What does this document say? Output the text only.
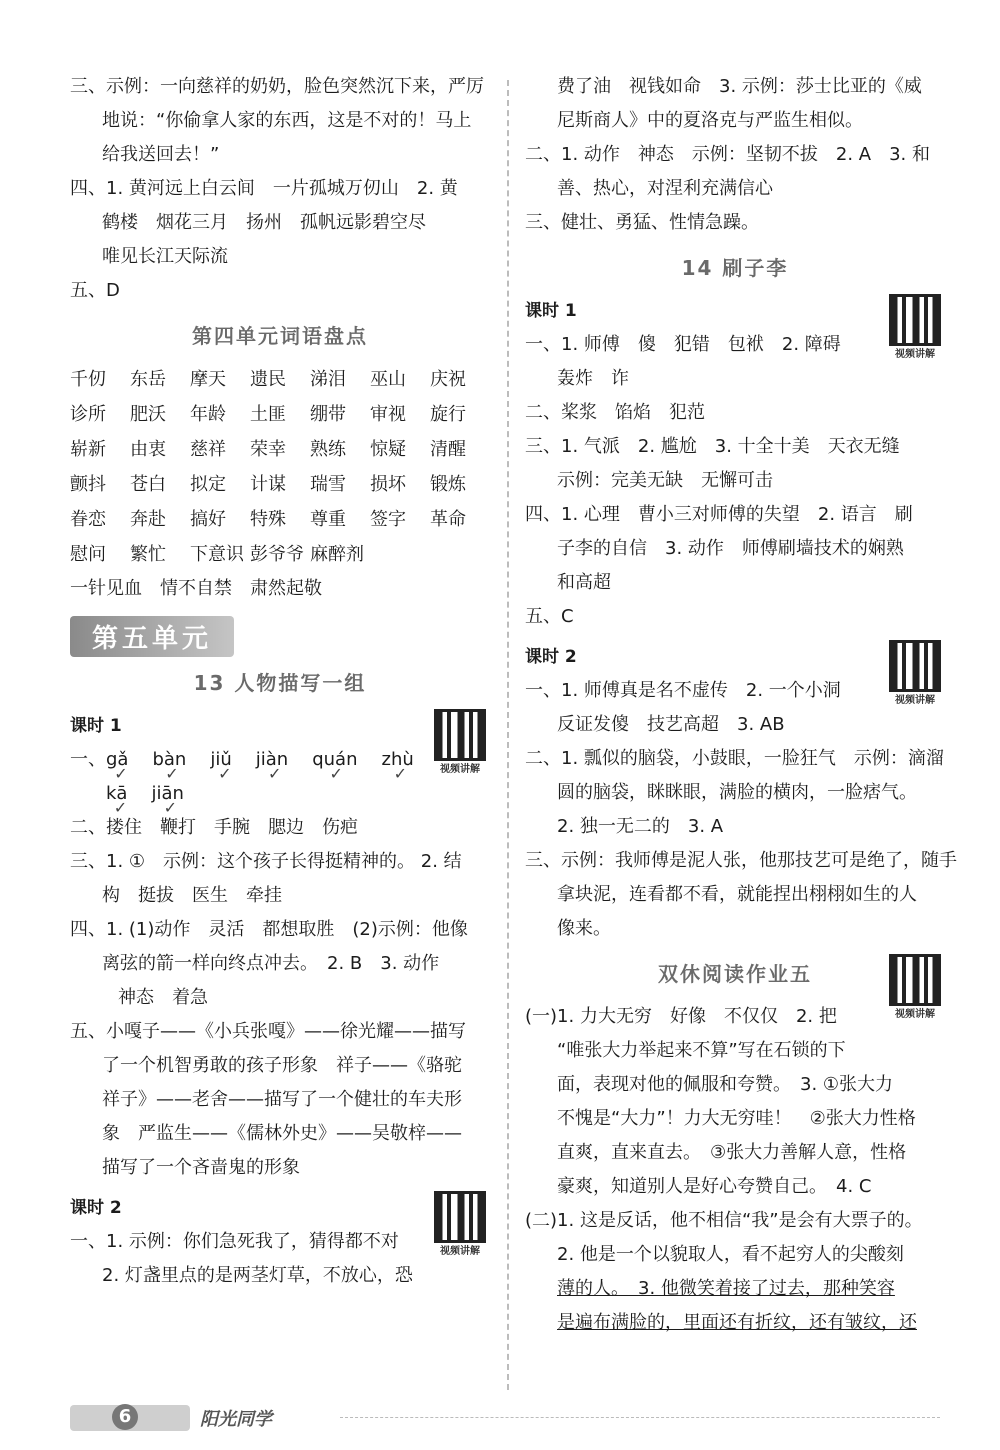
三、示例：一向慈祥的奶奶，脸色突然沉下来，严厉
地说：“你偷拿人家的东西，这是不对的！马上
给我送回去！”
四、1. 黄河远上白云间　一片孤城万仞山　2. 黄
鹤楼　烟花三月　扬州　孤帆远影碧空尽
唯见长江天际流
五、D
第四单元词语盘点
千仞	东岳	摩天	遗民	涕泪	巫山	庆祝
诊所	肥沃	年龄	土匪	绷带	审视	旋行
崭新	由衷	慈祥	荣幸	熟练	惊疑	清醒
颤抖	苍白	拟定	计谋	瑞雪	损坏	锻炼
眷恋	奔赴	搞好	特殊	尊重	签字	革命
慰问	繁忙	下意识 彭爷爷 麻醉剂
一针见血　情不自禁　肃然起敬
第五单元
13 人物描写一组
课时 1
视频讲解
一、 gǎ ✓ bàn ✓ jiǔ ✓ jiàn ✓ quán ✓ zhù ✓
kā ✓ jiān ✓
二、搂住　鞭打　手腕　腮边　伤疤
三、1. ①　示例：这个孩子长得挺精神的。 2. 结
构　挺拔　医生　牵挂
四、1. (1)动作　灵活　都想取胜　(2)示例：他像
离弦的箭一样向终点冲去。　2. B　3. 动作
神态　着急
五、小嘎子——《小兵张嘎》——徐光耀——描写
了一个机智勇敢的孩子形象　祥子——《骆驼
祥子》——老舍——描写了一个健壮的车夫形
象　严监生——《儒林外史》——吴敬梓——
描写了一个吝啬鬼的形象
课时 2
视频讲解
一、1. 示例：你们急死我了，猜得都不对
2. 灯盏里点的是两茎灯草，不放心，恐
费了油　视钱如命　3. 示例：莎士比亚的《威
尼斯商人》中的夏洛克与严监生相似。
二、1. 动作　神态　示例：坚韧不拔　2. A　3. 和
善、热心，对涅利充满信心
三、健壮、勇猛、性情急躁。
14 刷子李
课时 1
视频讲解
一、1. 师傅　傻　犯错　包袱　2. 障碍
轰炸　诈
二、桨浆　馅焰　犯范
三、1. 气派　2. 尴尬　3. 十全十美　天衣无缝
示例：完美无缺　无懈可击
四、1. 心理　曹小三对师傅的失望　2. 语言　刷
子李的自信　3. 动作　师傅刷墙技术的娴熟
和高超
五、C
课时 2
视频讲解
一、1. 师傅真是名不虚传　2. 一个小洞
反证发傻　技艺高超　3. AB
二、1. 瓢似的脑袋，小鼓眼，一脸狂气　示例：滴溜
圆的脑袋，眯眯眼，满脸的横肉，一脸痞气。
2. 独一无二的　3. A
三、示例：我师傅是泥人张，他那技艺可是绝了，随手
拿块泥，连看都不看，就能捏出栩栩如生的人
像来。
双休阅读作业五
视频讲解
(一)1. 力大无穷　好像　不仅仅　2. 把
“唯张大力举起来不算”写在石锁的下
面，表现对他的佩服和夸赞。　3. ①张大力
不愧是“大力”！力大无穷哇！　②张大力性格
直爽，直来直去。　③张大力善解人意，性格
豪爽，知道别人是好心夸赞自己。　4. C
(二)1. 这是反话，他不相信“我”是会有大票子的。
2. 他是一个以貌取人，看不起穷人的尖酸刻
薄的人。　3. 他微笑着接了过去，那种笑容
是遍布满脸的，里面还有折纹，还有皱纹，还
6	阳光同学
